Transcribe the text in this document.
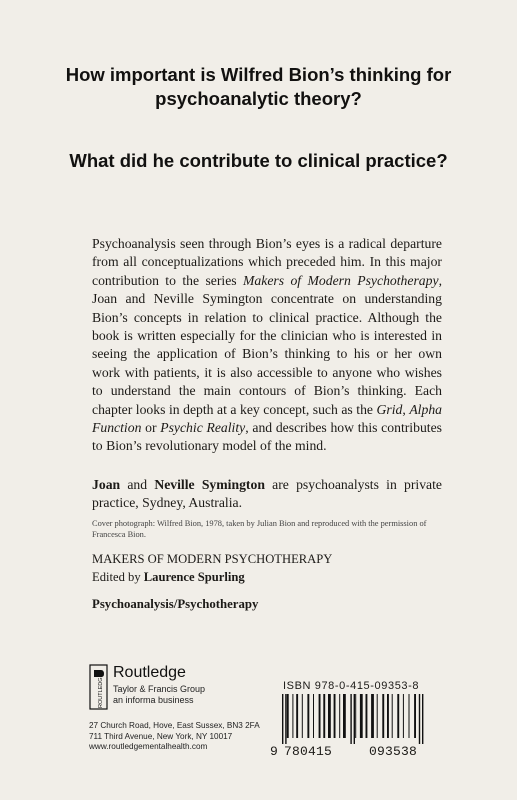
How important is Wilfred Bion’s thinking for psychoanalytic theory?
What did he contribute to clinical practice?

Psychoanalysis seen through Bion’s eyes is a radical departure from all conceptualizations which preceded him. In this major contribution to the series Makers of Modern Psychotherapy, Joan and Neville Symington concentrate on understanding Bion’s concepts in relation to clinical practice. Although the book is written especially for the clinician who is interested in seeing the application of Bion’s thinking to his or her own work with patients, it is also accessible to anyone who wishes to understand the main contours of Bion’s thinking. Each chapter looks in depth at a key concept, such as the Grid, Alpha Function or Psychic Reality, and describes how this contributes to Bion’s revolutionary model of the mind.

Joan and Neville Symington are psychoanalysts in private practice, Sydney, Australia.

Cover photograph: Wilfred Bion, 1978, taken by Julian Bion and reproduced with the permission of Francesca Bion.

MAKERS OF MODERN PSYCHOTHERAPY
Edited by Laurence Spurling
Psychoanalysis/Psychotherapy
ROUTLEDGE
Routledge
Taylor & Francis Group
an informa business
27 Church Road, Hove, East Sussex, BN3 2FA
711 Third Avenue, New York, NY 10017
www.routledgementalhealth.com
ISBN 978-0-415-09353-8
9 780415	093538
